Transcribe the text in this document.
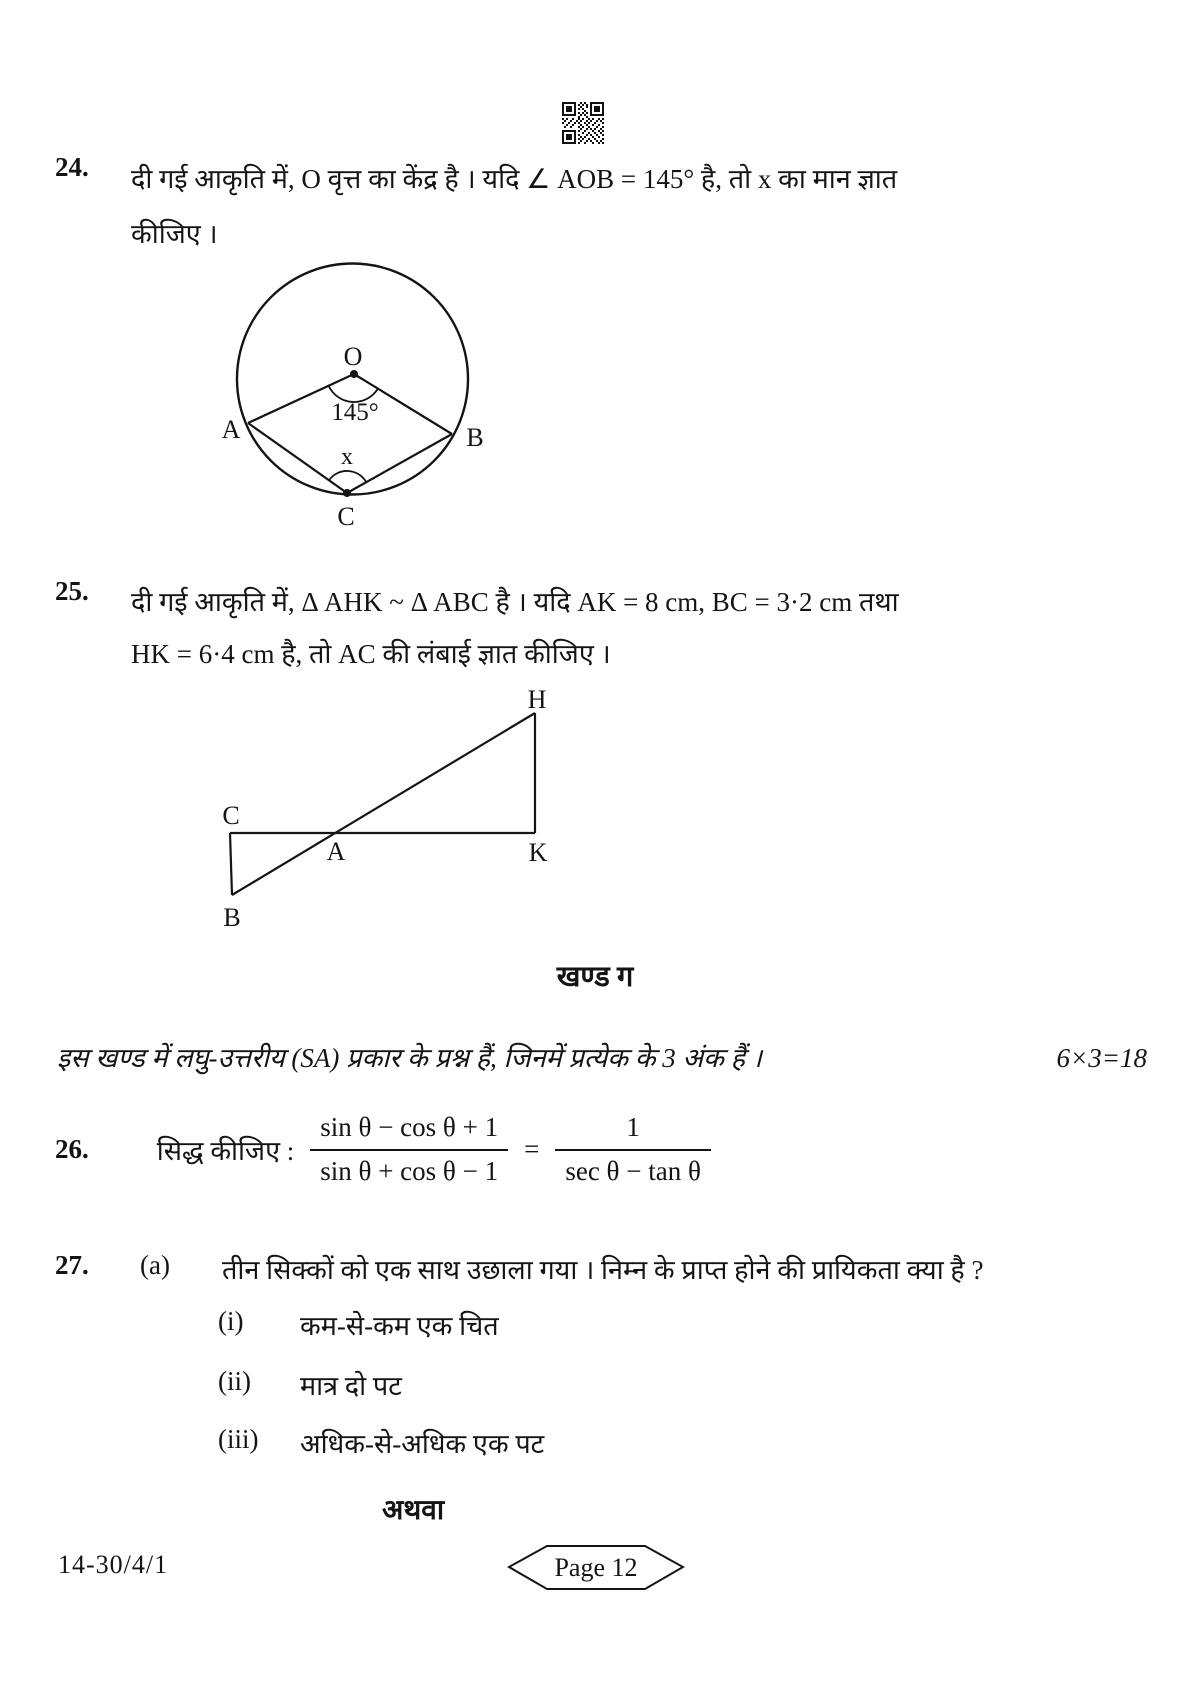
24. दी गई आकृति में, O वृत्त का केंद्र है । यदि ∠ AOB = 145° है, तो x का मान ज्ञात
कीजिए ।
O
145°
A	B
x
C
25. दी गई आकृति में, Δ AHK ~ Δ ABC है । यदि AK = 8 cm, BC = 3·2 cm तथा
HK = 6·4 cm है, तो AC की लंबाई ज्ञात कीजिए ।
H
C
A	K
B
खण्ड ग
इस खण्ड में लघु-उत्तरीय (SA) प्रकार के प्रश्न हैं, जिनमें प्रत्येक के 3 अंक हैं ।	6×3=18
26.	सिद्ध कीजिए : $\frac{\text{sin θ − cos θ + 1}}{\text{sin θ + cos θ − 1}} = \frac{1}{\text{sec θ − tan θ}}$
27. (a) तीन सिक्कों को एक साथ उछाला गया । निम्न के प्राप्त होने की प्रायिकता क्या है ?
(i) कम-से-कम एक चित
(ii) मात्र दो पट
(iii) अधिक-से-अधिक एक पट
अथवा
14-30/4/1	Page 12
